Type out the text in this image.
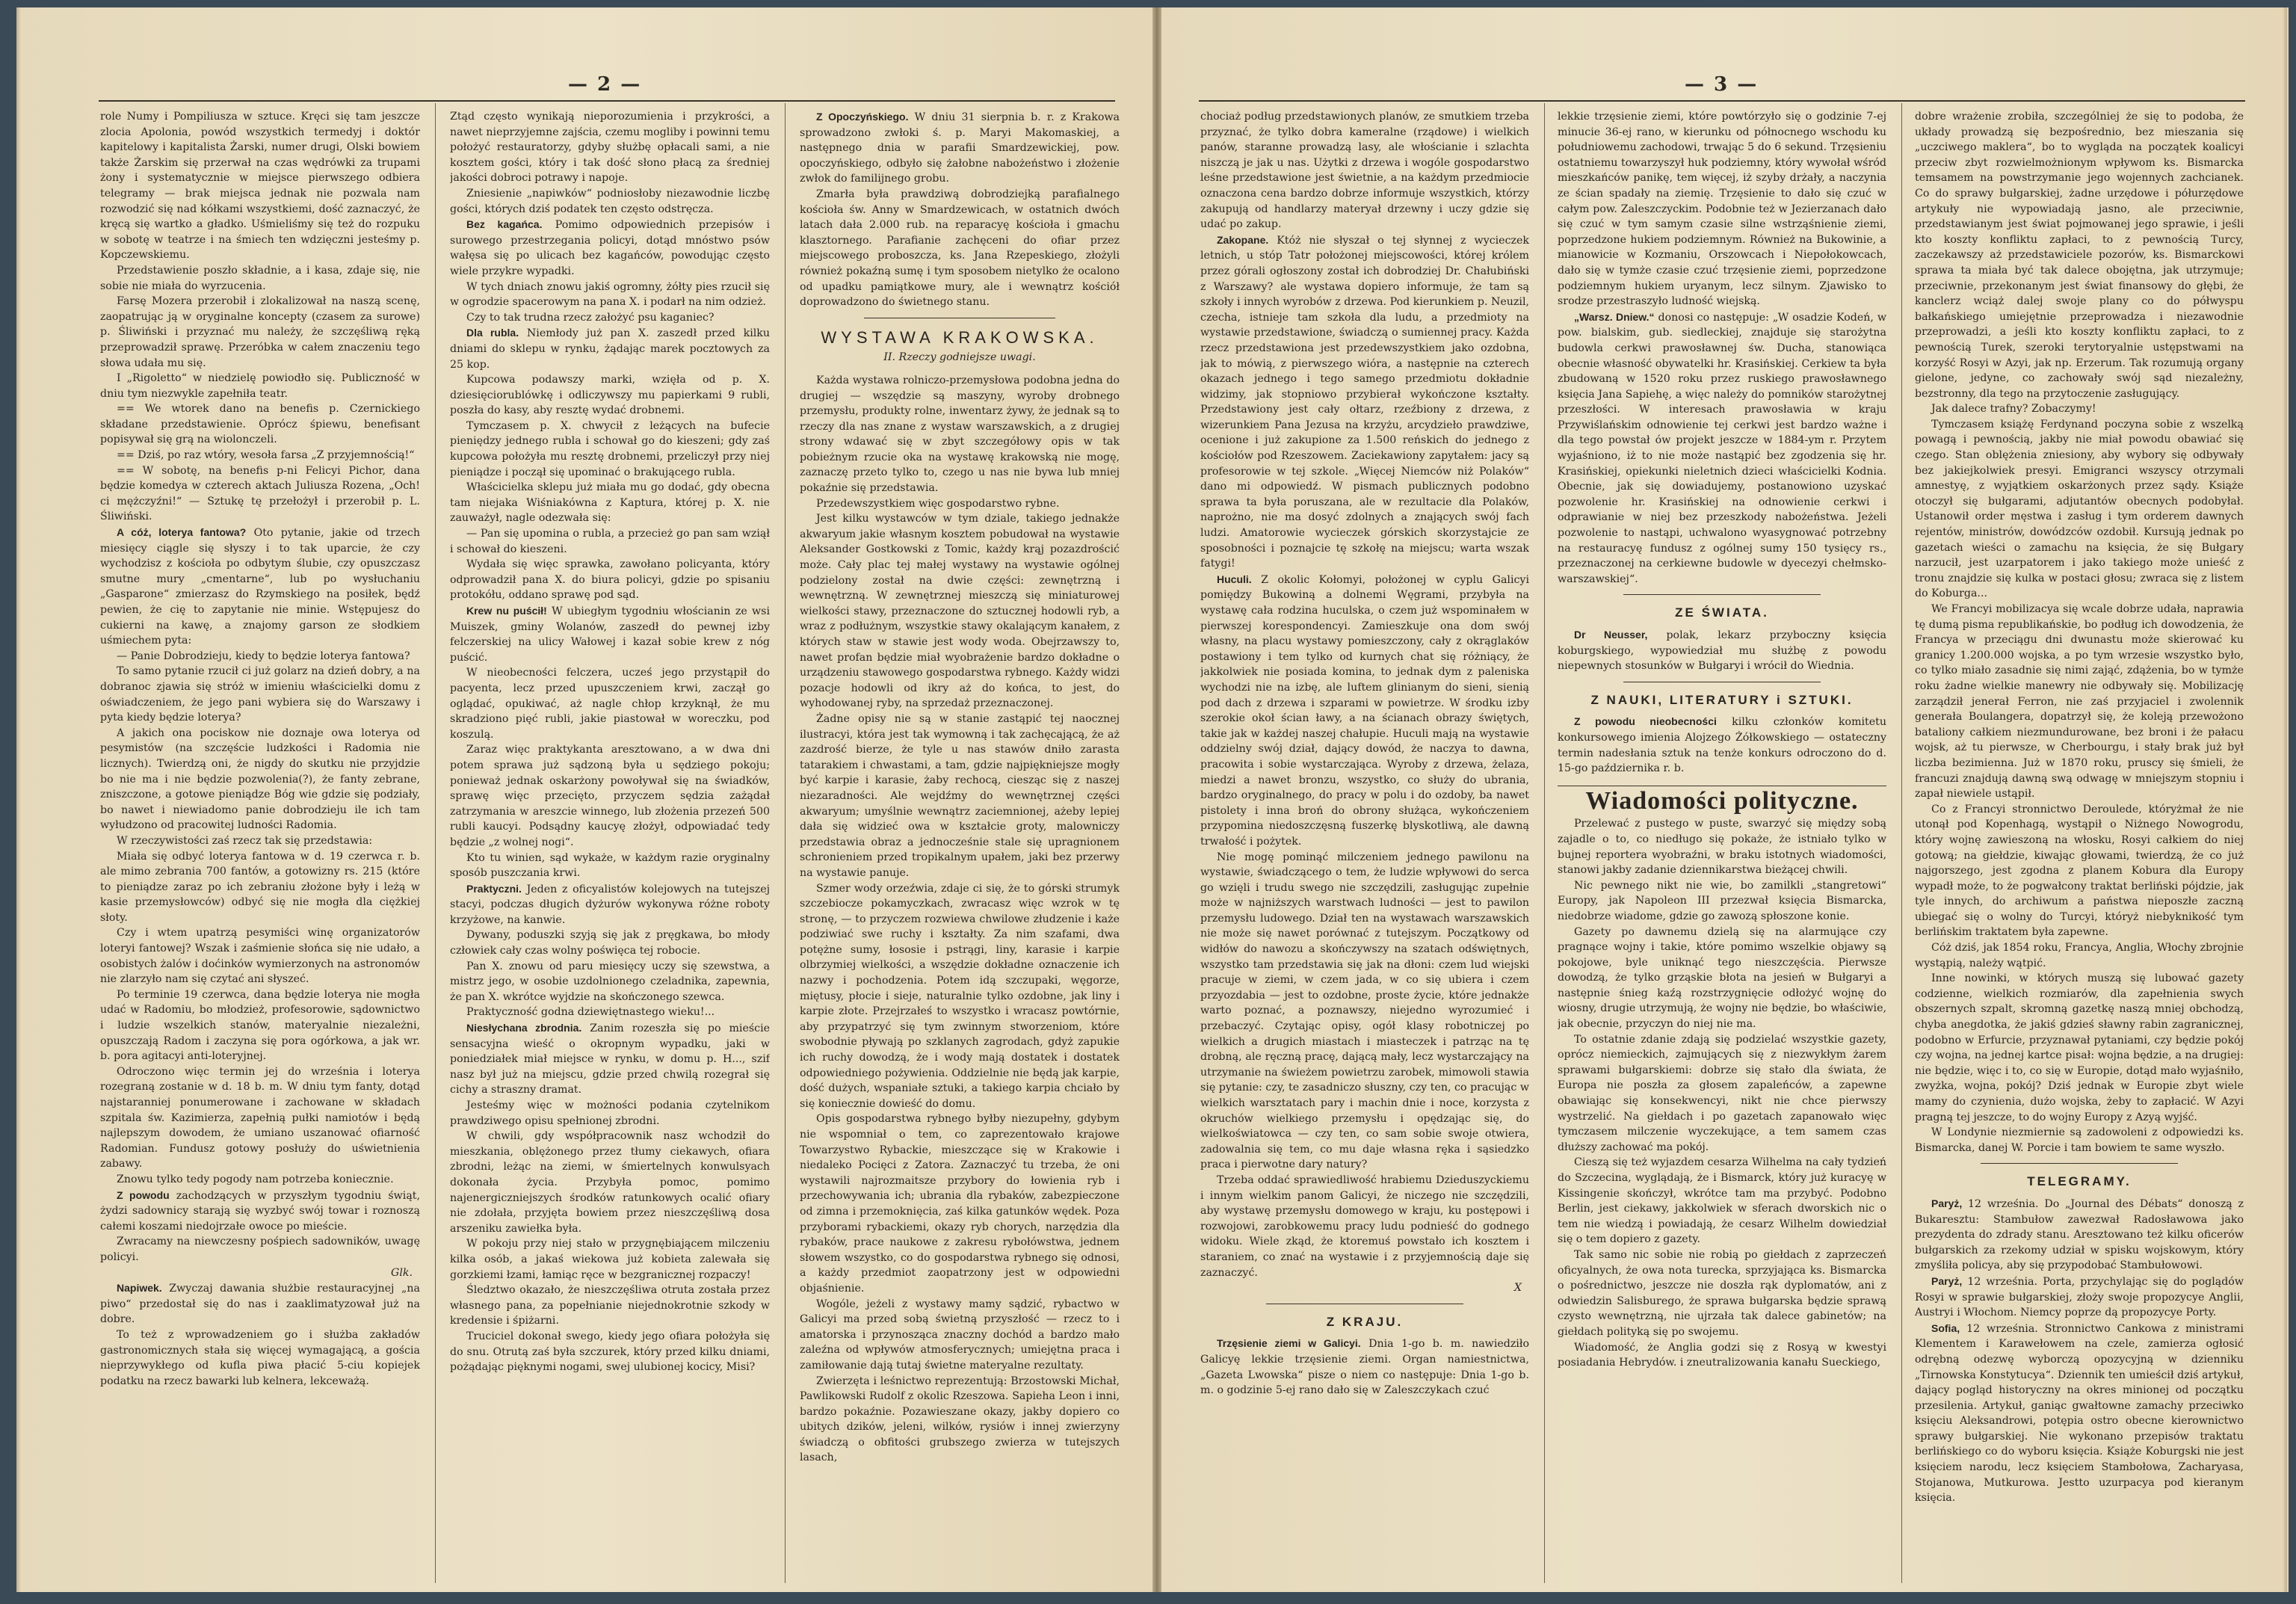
— 2 —

role Numy i Pompiliusza w sztuce. Kręci się tam jeszcze zlocia Apolonia, powód wszystkich termedyj i doktór kapitelowy i kapitalista Żarski, numer drugi, Olski bowiem także Żarskim się przerwał na czas wędrówki za trupami żony i systematycznie w miejsce pierwszego odbiera telegramy — brak miejsca jednak nie pozwala nam rozwodzić się nad kółkami wszystkiemi, dość zaznaczyć, że kręcą się wartko a gładko. Uśmieliśmy się też do rozpuku w sobotę w teatrze i na śmiech ten wdzięczni jesteśmy p. Kopczewskiemu.

Przedstawienie poszło składnie, a i kasa, zdaje się, nie sobie nie miała do wyrzucenia.

Farsę Mozera przerobił i zlokalizował na naszą scenę, zaopatrując ją w oryginalne koncepty (czasem za surowe) p. Śliwiński i przyznać mu należy, że szczęśliwą ręką przeprowadził sprawę. Przeróbka w całem znaczeniu tego słowa udała mu się.

I „Rigoletto“ w niedzielę powiodło się. Publiczność w dniu tym niezwykle zapełniła teatr.

== We wtorek dano na benefis p. Czernickiego składane przedstawienie. Oprócz śpiewu, benefisant popisywał się grą na wiolonczeli.

== Dziś, po raz wtóry, wesoła farsa „Z przyjemnością!“

== W sobotę, na benefis p-ni Felicyi Pichor, dana będzie komedya w czterech aktach Juliusza Rozena, „Och! ci mężczyźni!“ — Sztukę tę przełożył i przerobił p. L. Śliwiński.

A cóż, loterya fantowa? Oto pytanie, jakie od trzech miesięcy ciągle się słyszy i to tak uparcie, że czy wychodzisz z kościoła po odbytym ślubie, czy opuszczasz smutne mury „cmentarne“, lub po wysłuchaniu „Gasparone“ zmierzasz do Rzymskiego na posiłek, będź pewien, że cię to zapytanie nie minie. Wstępujesz do cukierni na kawę, a znajomy garson ze słodkiem uśmiechem pyta:

— Panie Dobrodzieju, kiedy to będzie loterya fantowa?

To samo pytanie rzucił ci już golarz na dzień dobry, a na dobranoc zjawia się stróż w imieniu właścicielki domu z oświadczeniem, że jego pani wybiera się do Warszawy i pyta kiedy będzie loterya?

A jakich ona pociskow nie doznaje owa loterya od pesymistów (na szczęście ludzkości i Radomia nie licznych). Twierdzą oni, że nigdy do skutku nie przyjdzie bo nie ma i nie będzie pozwolenia(?), że fanty zebrane, zniszczone, a gotowe pieniądze Bóg wie gdzie się podziały, bo nawet i niewiadomo panie dobrodzieju ile ich tam wyłudzono od pracowitej ludności Radomia.

W rzeczywistości zaś rzecz tak się przedstawia:

Miała się odbyć loterya fantowa w d. 19 czerwca r. b. ale mimo zebrania 700 fantów, a gotowizny rs. 215 (które to pieniądze zaraz po ich zebraniu złożone były i leżą w kasie przemysłowców) odbyć się nie mogła dla ciężkiej słoty.

Czy i wtem upatrzą pesymiści winę organizatorów loteryi fantowej? Wszak i zaśmienie słońca się nie udało, a osobistych żalów i doćinków wymierzonych na astronomów nie zlarzyło nam się czytać ani słyszeć.

Po terminie 19 czerwca, dana będzie loterya nie mogła udać w Radomiu, bo młodzież, profesorowie, sądownictwo i ludzie wszelkich stanów, materyalnie niezależni, opuszczają Radom i zaczyna się pora ogórkowa, a jak wr. b. pora agitacyi anti-loteryjnej.

Odroczono więc termin jej do września i loterya rozegraną zostanie w d. 18 b. m. W dniu tym fanty, dotąd najstaranniej ponumerowane i zachowane w składach szpitala św. Kazimierza, zapełnią pułki namiotów i będą najlepszym dowodem, że umiano uszanować ofiarność Radomian. Fundusz gotowy posłuży do uświetnienia zabawy.

Znowu tylko tedy pogody nam potrzeba koniecznie.

Z powodu zachodzących w przyszłym tygodniu świąt, żydzi sadownicy starają się wyzbyć swój towar i roznoszą całemi koszami niedojrzałe owoce po mieście.

Zwracamy na niewczesny pośpiech sadowników, uwagę policyi.

Glk.

Napiwek. Zwyczaj dawania służbie restauracyjnej „na piwo“ przedostał się do nas i zaaklimatyzował już na dobre.

To też z wprowadzeniem go i służba zakładów gastronomicznych stała się więcej wymagającą, a gościa nieprzywykłego od kufla piwa płacić 5-ciu kopiejek podatku na rzecz bawarki lub kelnera, lekceważą.

Ztąd często wynikają nieporozumienia i przykrości, a nawet nieprzyjemne zajścia, czemu mogliby i powinni temu położyć restauratorzy, gdyby służbę opłacali sami, a nie kosztem gości, który i tak dość słono płacą za średniej jakości dobroci potrawy i napoje.

Zniesienie „napiwków“ podniosłoby niezawodnie liczbę gości, których dziś podatek ten często odstręcza.

Bez kagańca. Pomimo odpowiednich przepisów i surowego przestrzegania policyi, dotąd mnóstwo psów wałęsa się po ulicach bez kagańców, powodując często wiele przykre wypadki.

W tych dniach znowu jakiś ogromny, żółty pies rzucił się w ogrodzie spacerowym na pana X. i podarł na nim odzież.

Czy to tak trudna rzecz założyć psu kaganiec?

Dla rubla. Niemłody już pan X. zaszedł przed kilku dniami do sklepu w rynku, żądając marek pocztowych za 25 kop.

Kupcowa podawszy marki, wzięła od p. X. dziesięciorublówkę i odliczywszy mu papierkami 9 rubli, poszła do kasy, aby resztę wydać drobnemi.

Tymczasem p. X. chwycił z leżących na bufecie pieniędzy jednego rubla i schował go do kieszeni; gdy zaś kupcowa położyła mu resztę drobnemi, przeliczył przy niej pieniądze i począł się upominać o brakującego rubla.

Właścicielka sklepu już miała mu go dodać, gdy obecna tam niejaka Wiśniakówna z Kaptura, której p. X. nie zauważył, nagle odezwała się:

— Pan się upomina o rubla, a przecież go pan sam wziął i schował do kieszeni.

Wydała się więc sprawka, zawołano policyanta, który odprowadził pana X. do biura policyi, gdzie po spisaniu protokółu, oddano sprawę pod sąd.

Krew nu puścił! W ubiegłym tygodniu włościanin ze wsi Muiszek, gminy Wolanów, zaszedł do pewnej izby felczerskiej na ulicy Wałowej i kazał sobie krew z nóg puścić.

W nieobecności felczera, ucześ jego przystąpił do pacyenta, lecz przed upuszczeniem krwi, zaczął go oglądać, opukiwać, aż nagle chłop krzyknął, że mu skradziono pięć rubli, jakie piastował w woreczku, pod koszulą.

Zaraz więc praktykanta aresztowano, a w dwa dni potem sprawa już sądzoną była u sędziego pokoju; ponieważ jednak oskarżony powoływał się na świadków, sprawę więc przecięto, przyczem sędzia zażądał zatrzymania w areszcie winnego, lub złożenia przezeń 500 rubli kaucyi. Podsądny kaucyę złożył, odpowiadać tedy będzie „z wolnej nogi“.

Kto tu winien, sąd wykaże, w każdym razie oryginalny sposób puszczania krwi.

Praktyczni. Jeden z oficyalistów kolejowych na tutejszej stacyi, podczas długich dyżurów wykonywa różne roboty krzyżowe, na kanwie.

Dywany, poduszki szyją się jak z pręgkawa, bo młody człowiek cały czas wolny poświęca tej robocie.

Pan X. znowu od paru miesięcy uczy się szewstwa, a mistrz jego, w osobie uzdolnionego czeladnika, zapewnia, że pan X. wkrótce wyjdzie na skończonego szewca.

Praktyczność godna dziewiętnastego wieku!...

Niesłychana zbrodnia. Zanim rozeszła się po mieście sensacyjna wieść o okropnym wypadku, jaki w poniedziałek miał miejsce w rynku, w domu p. H..., szif nasz był już na miejscu, gdzie przed chwilą rozegrał się cichy a straszny dramat.

Jesteśmy więc w możności podania czytelnikom prawdziwego opisu spełnionej zbrodni.

W chwili, gdy współpracownik nasz wchodził do mieszkania, oblężonego przez tłumy ciekawych, ofiara zbrodni, leżąc na ziemi, w śmiertelnych konwulsyach dokonała życia. Przybyła pomoc, pomimo najenergiczniejszych środków ratunkowych ocalić ofiary nie zdołała, przyjęta bowiem przez nieszczęśliwą dosa arszeniku zawiełka była.

W pokoju przy niej stało w przygnębiającem milczeniu kilka osób, a jakaś wiekowa już kobieta zalewała się gorzkiemi łzami, łamiąc ręce w bezgranicznej rozpaczy!

Śledztwo okazało, że nieszczęśliwa otruta została przez własnego pana, za popełnianie niejednokrotnie szkody w kredensie i śpiżarni.

Truciciel dokonał swego, kiedy jego ofiara położyła się do snu. Otrutą zaś była szczurek, który przed kilku dniami, pożądając pięknymi nogami, swej ulubionej kocicy, Misi?

Z Opoczyńskiego. W dniu 31 sierpnia b. r. z Krakowa sprowadzono zwłoki ś. p. Maryi Makomaskiej, a następnego dnia w parafii Smardzewickiej, pow. opoczyńskiego, odbyło się żałobne nabożeństwo i złożenie zwłok do familijnego grobu.

Zmarła była prawdziwą dobrodziejką parafialnego kościoła św. Anny w Smardzewicach, w ostatnich dwóch latach dała 2.000 rub. na reparacyę kościoła i gmachu klasztornego. Parafianie zachęceni do ofiar przez miejscowego proboszcza, ks. Jana Rzepeskiego, złożyli również pokaźną sumę i tym sposobem nietylko że ocalono od upadku pamiątkowe mury, ale i wewnątrz kościół doprowadzono do świetnego stanu.

WYSTAWA KRAKOWSKA.
II. Rzeczy godniejsze uwagi.

Każda wystawa rolniczo-przemysłowa podobna jedna do drugiej — wszędzie są maszyny, wyroby drobnego przemysłu, produkty rolne, inwentarz żywy, że jednak są to rzeczy dla nas znane z wystaw warszawskich, a z drugiej strony wdawać się w zbyt szczegółowy opis w tak pobieżnym rzucie oka na wystawę krakowską nie mogę, zaznaczę przeto tylko to, czego u nas nie bywa lub mniej pokaźnie się przedstawia.

Przedewszystkiem więc gospodarstwo rybne.

Jest kilku wystawców w tym dziale, takiego jednakże akwaryum jakie własnym kosztem pobudował na wystawie Aleksander Gostkowski z Tomic, każdy krąj pozazdrościć może. Cały plac tej małej wystawy na wystawie ogólnej podzielony został na dwie części: zewnętrzną i wewnętrzną. W zewnętrznej mieszczą się miniaturowej wielkości stawy, przeznaczone do sztucznej hodowli ryb, a wraz z podłużnym, wszystkie stawy okalającym kanałem, z których staw w stawie jest wody woda. Obejrzawszy to, nawet profan będzie miał wyobrażenie bardzo dokładne o urządzeniu stawowego gospodarstwa rybnego. Każdy widzi pozacje hodowli od ikry aż do końca, to jest, do wyhodowanej ryby, na sprzedaż przeznaczonej.

Żadne opisy nie są w stanie zastąpić tej naocznej ilustracyi, która jest tak wymowną i tak zachęcającą, że aż zazdrość bierze, że tyle u nas stawów dniło zarasta tatarakiem i chwastami, a tam, gdzie najpiękniejsze mogły być karpie i karasie, żaby rechocą, ciesząc się z naszej niezaradności. Ale wejdźmy do wewnętrznej części akwaryum; umyślnie wewnątrz zaciemnionej, ażeby lepiej dała się widzieć owa w kształcie groty, malowniczy przedstawia obraz a jednocześnie stale się upragnionem schronieniem przed tropikalnym upałem, jaki bez przerwy na wystawie panuje.

Szmer wody orzeźwia, zdaje ci się, że to górski strumyk szczebiocze pokamyczkach, zwracasz więc wzrok w tę stronę, — to przyczem rozwiewa chwilowe złudzenie i każe podziwiać swe ruchy i kształty. Za nim szafami, dwa potężne sumy, łososie i pstrągi, liny, karasie i karpie olbrzymiej wielkości, a wszędzie dokładne oznaczenie ich nazwy i pochodzenia. Potem idą szczupaki, węgorze, miętusy, płocie i sieje, naturalnie tylko ozdobne, jak liny i karpie złote. Przejrzałeś to wszystko i wracasz powtórnie, aby przypatrzyć się tym zwinnym stworzeniom, które swobodnie pływają po szklanych zagrodach, gdyż zapukie ich ruchy dowodzą, że i wody mają dostatek i dostatek odpowiedniego pożywienia. Oddzielnie nie będą jak karpie, dość dużych, wspaniałe sztuki, a takiego karpia chciało by się koniecznie dowieść do domu.

Opis gospodarstwa rybnego byłby niezupełny, gdybym nie wspomniał o tem, co zaprezentowało krajowe Towarzystwo Rybackie, mieszczące się w Krakowie i niedaleko Pocięci z Zatora. Zaznaczyć tu trzeba, że oni wystawili najrozmaitsze przybory do łowienia ryb i przechowywania ich; ubrania dla rybaków, zabezpieczone od zimna i przemoknięcia, zaś kilka gatunków wędek. Poza przyborami rybackiemi, okazy ryb chorych, narzędzia dla rybaków, prace naukowe z zakresu rybołówstwa, jednem słowem wszystko, co do gospodarstwa rybnego się odnosi, a każdy przedmiot zaopatrzony jest w odpowiedni objaśnienie.

Wogóle, jeżeli z wystawy mamy sądzić, rybactwo w Galicyi ma przed sobą świetną przyszłość — rzecz to i amatorska i przynosząca znaczny dochód a bardzo mało zaleźna od wpływów atmosferycznych; umiejętna praca i zamiłowanie dają tutaj świetne materyalne rezultaty.

Zwierzęta i leśnictwo reprezentują: Brzostowski Michał, Pawlikowski Rudolf z okolic Rzeszowa. Sapieha Leon i inni, bardzo pokaźnie. Pozawieszane okazy, jakby dopiero co ubitych dzików, jeleni, wilków, rysiów i innej zwierzyny świadczą o obfitości grubszego zwierza w tutejszych lasach,

— 3 —

chociaż podług przedstawionych planów, ze smutkiem trzeba przyznać, że tylko dobra kameralne (rządowe) i wielkich panów, staranne prowadzą lasy, ale włościanie i szlachta niszczą je jak u nas. Użytki z drzewa i wogóle gospodarstwo leśne przedstawione jest świetnie, a na każdym przedmiocie oznaczona cena bardzo dobrze informuje wszystkich, którzy zakupują od handlarzy materyał drzewny i uczy gdzie się udać po zakup.

Zakopane. Któż nie słyszał o tej słynnej z wycieczek letnich, u stóp Tatr położonej miejscowości, której królem przez górali ogłoszony został ich dobrodziej Dr. Chałubiński z Warszawy? ale wystawa dopiero informuje, że tam są szkoły i innych wyrobów z drzewa. Pod kierunkiem p. Neuzil, czecha, istnieje tam szkoła dla ludu, a przedmioty na wystawie przedstawione, świadczą o sumiennej pracy. Każda rzecz przedstawiona jest przedewszystkiem jako ozdobna, jak to mówią, z pierwszego wióra, a następnie na czterech okazach jednego i tego samego przedmiotu dokładnie widzimy, jak stopniowo przybierał wykończone kształty. Przedstawiony jest cały ołtarz, rzeźbiony z drzewa, z wizerunkiem Pana Jezusa na krzyżu, arcydzieło prawdziwe, ocenione i już zakupione za 1.500 reńskich do jednego z kościołów pod Rzeszowem. Zaciekawiony zapytałem: jacy są profesorowie w tej szkole. „Więcej Niemców niż Polaków“ dano mi odpowiedź. W pismach publicznych podobno sprawa ta była poruszana, ale w rezultacie dla Polaków, naprożno, nie ma dosyć zdolnych a znających swój fach ludzi. Amatorowie wycieczek górskich skorzystajcie ze sposobności i poznajcie tę szkołę na miejscu; warta wszak fatygi!

Huculi. Z okolic Kołomyi, położonej w cyplu Galicyi pomiędzy Bukowiną a dolnemi Węgrami, przybyła na wystawę cała rodzina huculska, o czem już wspominałem w pierwszej korespondencyi. Zamieszkuje ona dom swój własny, na placu wystawy pomieszczony, cały z okrąglaków postawiony i tem tylko od kurnych chat się różniący, że jakkolwiek nie posiada komina, to jednak dym z paleniska wychodzi nie na izbę, ale luftem glinianym do sieni, sienią pod dach z drzewa i szparami w powietrze. W środku izby szerokie okoł ścian ławy, a na ścianach obrazy świętych, takie jak w każdej naszej chałupie. Huculi mają na wystawie oddzielny swój dział, dający dowód, że naczya to dawna, pracowita i sobie wystarczająca. Wyroby z drzewa, żelaza, miedzi a nawet bronzu, wszystko, co służy do ubrania, bardzo oryginalnego, do pracy w polu i do ozdoby, ba nawet pistolety i inna broń do obrony służąca, wykończeniem przypomina niedoszczęsną fuszerkę blyskotliwą, ale dawną trwałość i pożytek.

Nie mogę pominąć milczeniem jednego pawilonu na wystawie, świadczącego o tem, że ludzie wpływowi do serca go wzięli i trudu swego nie szczędzili, zasługując zupełnie może w najniższych warstwach ludności — jest to pawilon przemysłu ludowego. Dział ten na wystawach warszawskich nie może się nawet porównać z tutejszym. Początkowy od widłów do nawozu a skończywszy na szatach odświętnych, wszystko tam przedstawia się jak na dłoni: czem lud wiejski pracuje w ziemi, w czem jada, w co się ubiera i czem przyozdabia — jest to ozdobne, proste życie, które jednakże warto poznać, a poznawszy, niejedno wyrozumieć i przebaczyć. Czytając opisy, ogół klasy robotniczej po wielkich a drugich miastach i miasteczek i patrząc na tę drobną, ale ręczną pracę, dającą mały, lecz wystarczający na utrzymanie na świeżem powietrzu zarobek, mimowoli stawia się pytanie: czy, te zasadniczo słuszny, czy ten, co pracując w wielkich warsztatach pary i machin dnie i noce, korzysta z okruchów wielkiego przemysłu i opędzając się, do wielkoświatowca — czy ten, co sam sobie swoje otwiera, zadowalnia się tem, co mu daje własna ręka i sąsiedzko praca i pierwotne dary natury?

Trzeba oddać sprawiedliwość hrabiemu Dzieduszyckiemu i innym wielkim panom Galicyi, że niczego nie szczędzili, aby wystawę przemysłu domowego w kraju, ku postępowi i rozwojowi, zarobkowemu pracy ludu podnieść do godnego widoku. Wiele zkąd, że ktoremuś powstało ich kosztem i staraniem, co znać na wystawie i z przyjemnością daje się zaznaczyć.

X
Z KRAJU.

Trzęsienie ziemi w Galicyi. Dnia 1-go b. m. nawiedziło Galicyę lekkie trzęsienie ziemi. Organ namiestnictwa, „Gazeta Lwowska“ pisze o niem co następuje: Dnia 1-go b. m. o godzinie 5-ej rano dało się w Zaleszczykach czuć

lekkie trzęsienie ziemi, które powtórzyło się o godzinie 7-ej minucie 36-ej rano, w kierunku od północnego wschodu ku południowemu zachodowi, trwając 5 do 6 sekund. Trzęsieniu ostatniemu towarzyszył huk podziemny, który wywołał wśród mieszkańców panikę, tem więcej, iż szyby drżały, a naczynia ze ścian spadały na ziemię. Trzęsienie to dało się czuć w całym pow. Zaleszczyckim. Podobnie też w Jezierzanach dało się czuć w tym samym czasie silne wstrząśnienie ziemi, poprzedzone hukiem podziemnym. Również na Bukowinie, a mianowicie w Kozmaniu, Orszowcach i Niepołokowcach, dało się w tymże czasie czuć trzęsienie ziemi, poprzedzone podziemnym hukiem uryanym, lecz silnym. Zjawisko to srodze przestraszyło ludność wiejską.

„Warsz. Dniew.“ donosi co następuje: „W osadzie Kodeń, w pow. bialskim, gub. siedleckiej, znajduje się starożytna budowla cerkwi prawosławnej św. Ducha, stanowiąca obecnie własność obywatelki hr. Krasińskiej. Cerkiew ta była zbudowaną w 1520 roku przez ruskiego prawosławnego księcia Jana Sapiehę, a więc należy do pomników starożytnej przeszłości. W interesach prawosławia w kraju Przywiślańskim odnowienie tej cerkwi jest bardzo ważne i dla tego powstał ów projekt jeszcze w 1884-ym r. Przytem wyjaśniono, iż to nie może nastąpić bez zgodzenia się hr. Krasińskiej, opiekunki nieletnich dzieci właścicielki Kodnia. Obecnie, jak się dowiadujemy, postanowiono uzyskać pozwolenie hr. Krasińskiej na odnowienie cerkwi i odprawianie w niej bez przeszkody nabożeństwa. Jeżeli pozwolenie to nastąpi, uchwalono wyasygnować potrzebny na restauracyę fundusz z ogólnej sumy 150 tysięcy rs., przeznaczonej na cerkiewne budowle w dyecezyi chełmsko-warszawskiej“.

ZE ŚWIATA.

Dr Neusser, polak, lekarz przyboczny księcia koburgskiego, wypowiedział mu służbę z powodu niepewnych stosunków w Bułgaryi i wrócił do Wiednia.

Z NAUKI, LITERATURY i SZTUKI.

Z powodu nieobecności kilku członków komitetu konkursowego imienia Alojzego Żółkowskiego — ostateczny termin nadesłania sztuk na tenże konkurs odroczono do d. 15-go października r. b.

Wiadomości polityczne.

Przelewać z pustego w puste, swarzyć się między sobą zajadle o to, co niedługo się pokaże, że istniało tylko w bujnej reportera wyobraźni, w braku istotnych wiadomości, stanowi jakby zadanie dziennikarstwa bieżącej chwili.

Nic pewnego nikt nie wie, bo zamilkli „stangretowi“ Europy, jak Napoleon III przezwał księcia Bismarcka, niedobrze wiadome, gdzie go zawozą spłoszone konie.

Gazety po dawnemu dzielą się na alarmujące czy pragnące wojny i takie, które pomimo wszelkie objawy są pokojowe, byle uniknąć tego nieszczęścia. Pierwsze dowodzą, że tylko grząskie błota na jesień w Bułgaryi a następnie śnieg kaźą rozstrzygnięcie odłożyć wojnę do wiosny, drugie utrzymują, że wojny nie będzie, bo właściwie, jak obecnie, przyczyn do niej nie ma.

To ostatnie zdanie zdają się podzielać wszystkie gazety, oprócz niemieckich, zajmujących się z niezwykłym żarem sprawami bułgarskiemi: dobrze się stało dla świata, że Europa nie poszła za głosem zapaleńców, a zapewne obawiając się konsekwencyi, nikt nie chce pierwszy wystrzelić. Na giełdach i po gazetach zapanowało więc tymczasem milczenie wyczekujące, a tem samem czas dłuższy zachować ma pokój.

Cieszą się też wyjazdem cesarza Wilhelma na cały tydzień do Szczecina, wyglądają, że i Bismarck, który już kuracyę w Kissingenie skończył, wkrótce tam ma przybyć. Podobno Berlin, jest ciekawy, jakkolwiek w sferach dworskich nic o tem nie wiedzą i powiadają, że cesarz Wilhelm dowiedział się o tem dopiero z gazety.

Tak samo nic sobie nie robią po giełdach z zaprzeczeń oficyalnych, że owa nota turecka, sprzyjająca ks. Bismarcka o pośrednictwo, jeszcze nie doszła rąk dyplomatów, ani z odwiedzin Salisburego, że sprawa bułgarska będzie sprawą czysto wewnętrzną, nie ujrzała tak dalece gabinetów; na giełdach polityką się po swojemu.

Wiadomość, że Anglia godzi się z Rosyą w kwestyi posiadania Hebrydów. i zneutralizowania kanału Sueckiego,

dobre wrażenie zrobiła, szczególniej że się to podoba, że układy prowadzą się bezpośrednio, bez mieszania się „uczciwego maklera“, bo to wygląda na początek koalicyi przeciw zbyt rozwielmożnionym wpływom ks. Bismarcka temsamem na powstrzymanie jego wojennych zachcianek. Co do sprawy bułgarskiej, żadne urzędowe i półurzędowe artykuły nie wypowiadają jasno, ale przeciwnie, przedstawianym jest świat pojmowanej jego sprawie, i jeśli kto koszty konfliktu zapłaci, to z pewnością Turcy, zaczekawszy aż przedstawiciele pozorów, ks. Bismarckowi sprawa ta miała być tak dalece obojętna, jak utrzymuje; przeciwnie, przekonanym jest świat finansowy do głębi, że kanclerz wciąż dalej swoje plany co do półwyspu bałkańskiego umiejętnie przeprowadza i niezawodnie przeprowadzi, a jeśli kto koszty konfliktu zapłaci, to z pewnością Turek, szeroki terytoryalnie ustępstwami na korzyść Rosyi w Azyi, jak np. Erzerum. Tak rozumują organy gielone, jedyne, co zachowały swój sąd niezależny, bezstronny, dla tego na przytoczenie zasługujący.

Jak dalece trafny? Zobaczymy!

Tymczasem książę Ferdynand poczyna sobie z wszelką powagą i pewnością, jakby nie miał powodu obawiać się czego. Stan oblężenia zniesiony, aby wybory się odbywały bez jakiejkolwiek presyi. Emigranci wszyscy otrzymali amnestyę, z wyjątkiem oskarżonych przez sądy. Książe otoczył się bułgarami, adjutantów obecnych podobyłał. Ustanowił order męstwa i zasług i tym orderem dawnych rejentów, ministrów, dowódzców ozdobił. Kursują jednak po gazetach wieści o zamachu na księcia, że się Bułgary narzucił, jest uzarpatorem i jako takiego może unieść z tronu znajdzie się kulka w postaci głosu; zwraca się z listem do Koburga...

We Francyi mobilizacya się wcale dobrze udała, naprawia tę dumą pisma republikańskie, bo podług ich dowodzenia, że Francya w przeciągu dni dwunastu może skierować ku granicy 1.200.000 wojska, a po tym wrzesie wszystko było, co tylko miało zasadnie się nimi zająć, zdążenia, bo w tymże roku żadne wielkie manewry nie odbywały się. Mobilizację zarządził jenerał Ferron, nie zaś przyjaciel i zwolennik generała Boulangera, dopatrzył się, że koleją przewożono bataliony całkiem niezmundurowane, bez broni i że pałacu wojsk, aż tu pierwsze, w Cherbourgu, i stały brak już był liczba bezimienna. Już w 1870 roku, pruscy się śmieli, że francuzi znajdują dawną swą odwagę w mniejszym stopniu i zapał niewiele ustąpił.

Co z Francyi stronnictwo Deroulede, któryżmał że nie utonął pod Kopenhagą, wystąpił o Niżnego Nowogrodu, który wojnę zawieszoną na włosku, Rosyi całkiem do niej gotową; na giełdzie, kiwając głowami, twierdzą, że co już najgorszego, jest zgodna z planem Kobura dla Europy wypadł może, to że pogwałcony traktat berliński pójdzie, jak tyle innych, do archiwum a państwa nieposzłe zaczną ubiegać się o wolny do Turcyi, któryż niebyknikość tym berlińskim traktatem była zapewne.

Cóż dziś, jak 1854 roku, Francya, Anglia, Włochy zbrojnie wystąpią, należy wątpić.

Inne nowinki, w których muszą się lubować gazety codzienne, wielkich rozmiarów, dla zapełnienia swych obszernych szpalt, skromną gazetkę naszą mniej obchodzą, chyba anegdotka, że jakiś gdzieś sławny rabin zagranicznej, podobno w Erfurcie, przyznawał pytaniami, czy będzie pokój czy wojna, na jednej kartce pisał: wojna będzie, a na drugiej: nie będzie, więc i to, co się w Europie, dotąd mało wyjaśniło, zwyżka, wojna, pokój? Dziś jednak w Europie zbyt wiele mamy do czynienia, dużo wojska, żeby to zapłacić. W Azyi pragną tej jeszcze, to do wojny Europy z Azyą wyjść.

W Londynie niezmiernie są zadowoleni z odpowiedzi ks. Bismarcka, danej W. Porcie i tam bowiem te same wyszło.

TELEGRAMY.

Paryż, 12 września. Do „Journal des Débats“ donoszą z Bukaresztu: Stambułow zawezwał Radosławowa jako prezydenta do zdrady stanu. Aresztowano też kilku oficerów bułgarskich za rzekomy udział w spisku wojskowym, który zmyśliła policya, aby się przypodobać Stambułowowi.

Paryż, 12 września. Porta, przychylając się do poglądów Rosyi w sprawie bułgarskiej, złoży swoje propozycye Anglii, Austryi i Włochom. Niemcy poprze dą propozycye Porty.

Sofia, 12 września. Stronnictwo Cankowa z ministrami Klementem i Karawełowem na czele, zamierza ogłosić odrębną odezwę wyborczą opozycyjną w dzienniku „Tirnowska Konstytucya“. Dziennik ten umieścił dziś artykuł, dający pogląd historyczny na okres minionej od początku przesilenia. Artykuł, ganiąc gwałtowne zamachy przeciwko księciu Aleksandrowi, potępia ostro obecne kierownictwo sprawy bułgarskiej. Nie wykonano przepisów traktatu berlińskiego co do wyboru księcia. Książe Koburgski nie jest księciem narodu, lecz księciem Stambołowa, Zacharyasa, Stojanowa, Mutkurowa. Jestto uzurpacya pod kieranym księcia.
